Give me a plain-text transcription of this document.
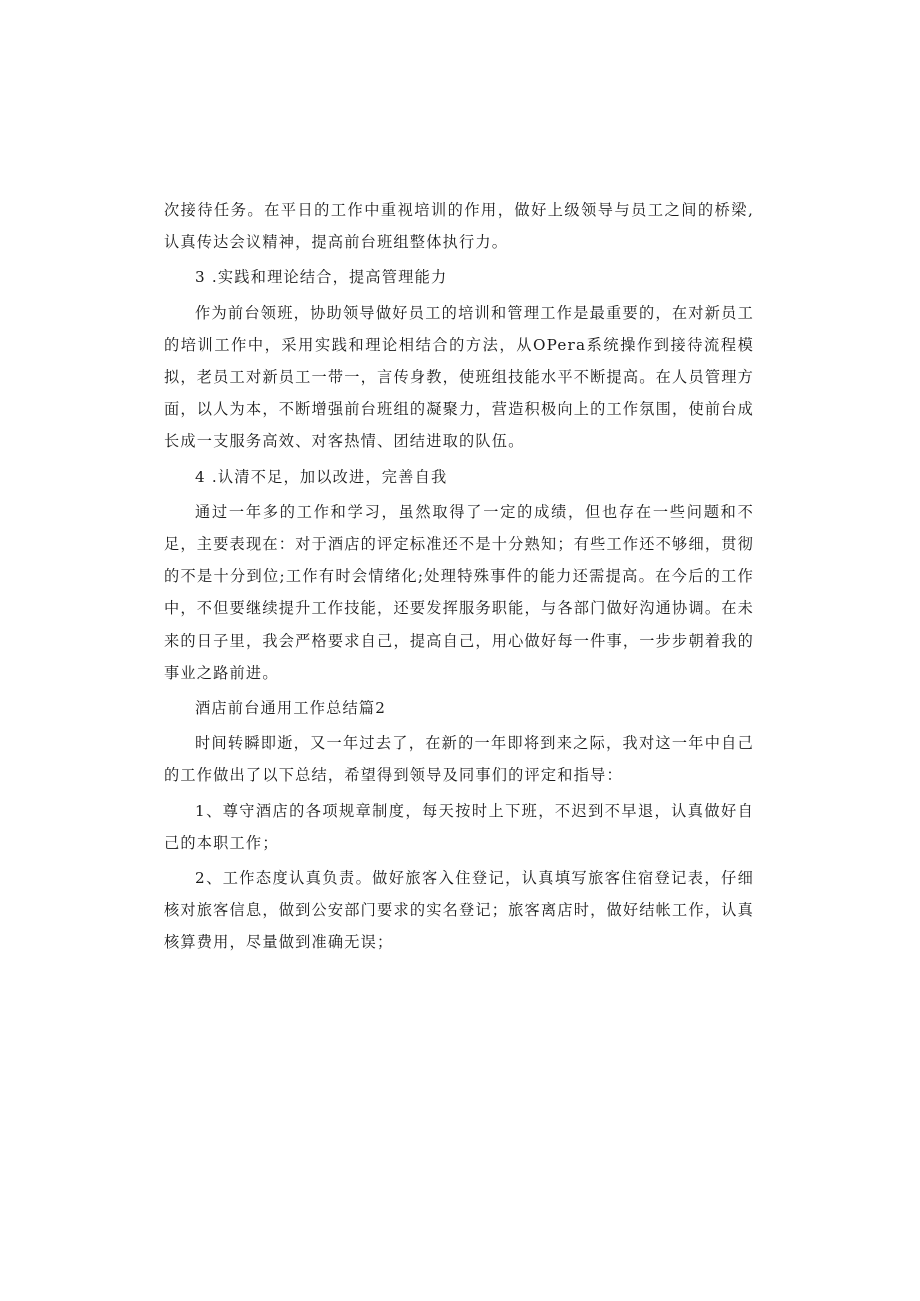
次接待任务。在平日的工作中重视培训的作用，做好上级领导与员工之间的桥梁,认真传达会议精神，提高前台班组整体执行力。

3 .实践和理论结合，提高管理能力

作为前台领班，协助领导做好员工的培训和管理工作是最重要的，在对新员工的培训工作中，采用实践和理论相结合的方法，从OPera系统操作到接待流程模拟，老员工对新员工一带一，言传身教，使班组技能水平不断提高。在人员管理方面，以人为本，不断增强前台班组的凝聚力，营造积极向上的工作氛围，使前台成长成一支服务高效、对客热情、团结进取的队伍。

4 .认清不足，加以改进，完善自我

通过一年多的工作和学习，虽然取得了一定的成绩，但也存在一些问题和不足，主要表现在：对于酒店的评定标准还不是十分熟知；有些工作还不够细，贯彻的不是十分到位;工作有时会情绪化;处理特殊事件的能力还需提高。在今后的工作中，不但要继续提升工作技能，还要发挥服务职能，与各部门做好沟通协调。在未来的日子里，我会严格要求自己，提高自己，用心做好每一件事，一步步朝着我的事业之路前进。

酒店前台通用工作总结篇2

时间转瞬即逝，又一年过去了，在新的一年即将到来之际，我对这一年中自己的工作做出了以下总结，希望得到领导及同事们的评定和指导：

1、尊守酒店的各项规章制度，每天按时上下班，不迟到不早退，认真做好自己的本职工作；

2、工作态度认真负责。做好旅客入住登记，认真填写旅客住宿登记表，仔细核对旅客信息，做到公安部门要求的实名登记；旅客离店时，做好结帐工作，认真核算费用，尽量做到准确无误；
